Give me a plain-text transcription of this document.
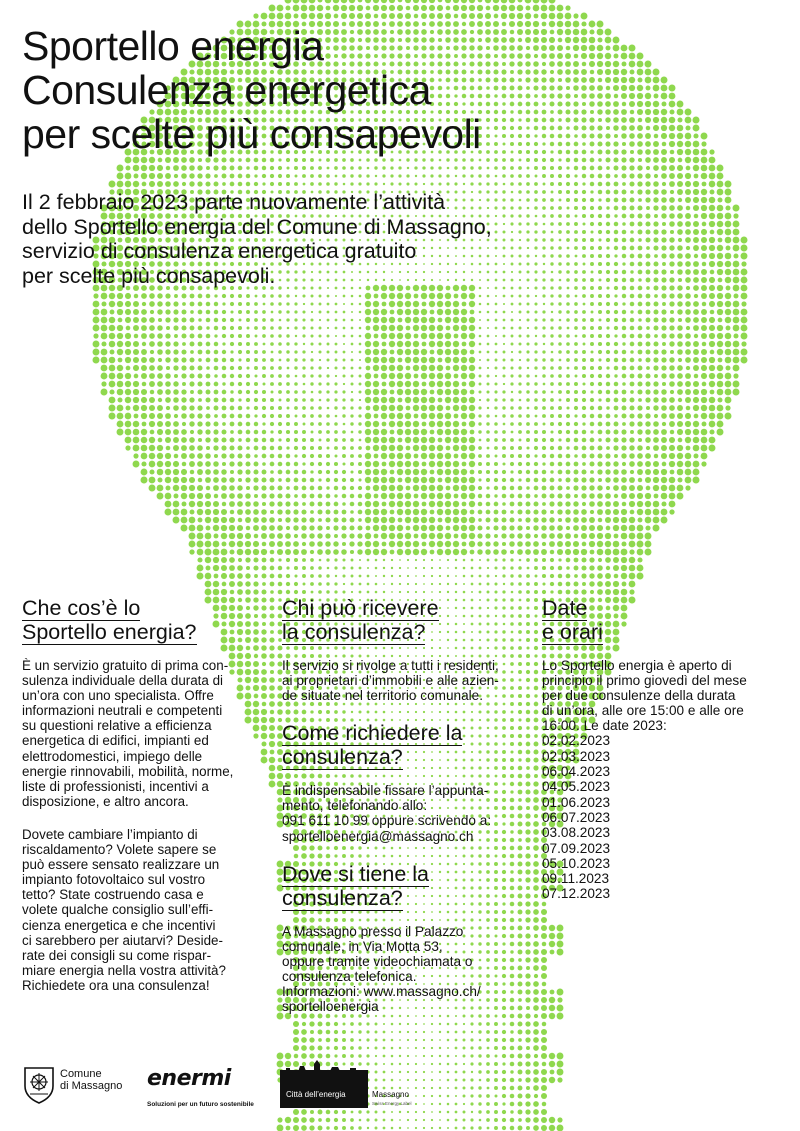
Sportello energia
Consulenza energetica
per scelte più consapevoli

Il 2 febbraio 2023 parte nuovamente l’attività
dello Sportello energia del Comune di Massagno,
servizio di consulenza energetica gratuito
per scelte più consapevoli.

Che cos’è lo
Sportello energia?
È un servizio gratuito di prima con-
sulenza individuale della durata di
un’ora con uno specialista. Offre
informazioni neutrali e competenti
su questioni relative a efficienza
energetica di edifici, impianti ed
elettrodomestici, impiego delle
energie rinnovabili, mobilità, norme,
liste di professionisti, incentivi a
disposizione, e altro ancora.
Dovete cambiare l’impianto di
riscaldamento? Volete sapere se
può essere sensato realizzare un
impianto fotovoltaico sul vostro
tetto? State costruendo casa e
volete qualche consiglio sull’effi-
cienza energetica e che incentivi
ci sarebbero per aiutarvi? Deside-
rate dei consigli su come rispar-
miare energia nella vostra attività?
Richiedete ora una consulenza!
Chi può ricevere
la consulenza?
Il servizio si rivolge a tutti i residenti,
ai proprietari d’immobili e alle azien-
de situate nel territorio comunale.
Come richiedere la
consulenza?
È indispensabile fissare l’appunta-
mento, telefonando allo:
091 611 10 99 oppure scrivendo a:
sportelloenergia@massagno.ch
Dove si tiene la
consulenza?
A Massagno presso il Palazzo
comunale, in Via Motta 53,
oppure tramite videochiamata o
consulenza telefonica.
Informazioni: www.massagno.ch/
sportelloenergia
Date
e orari
Lo Sportello energia è aperto di
principio il primo giovedì del mese
per due consulenze della durata
di un’ora, alle ore 15:00 e alle ore
16:00. Le date 2023:
02.02.2023
02.03.2023
06.04.2023
04.05.2023
01.06.2023
06.07.2023
03.08.2023
07.09.2023
05.10.2023
09.11.2023
07.12.2023
Comune
di Massagno enermi
Soluzioni per un futuro sostenibile
Città dell’energia	Massagno
Swiss Energy Label
